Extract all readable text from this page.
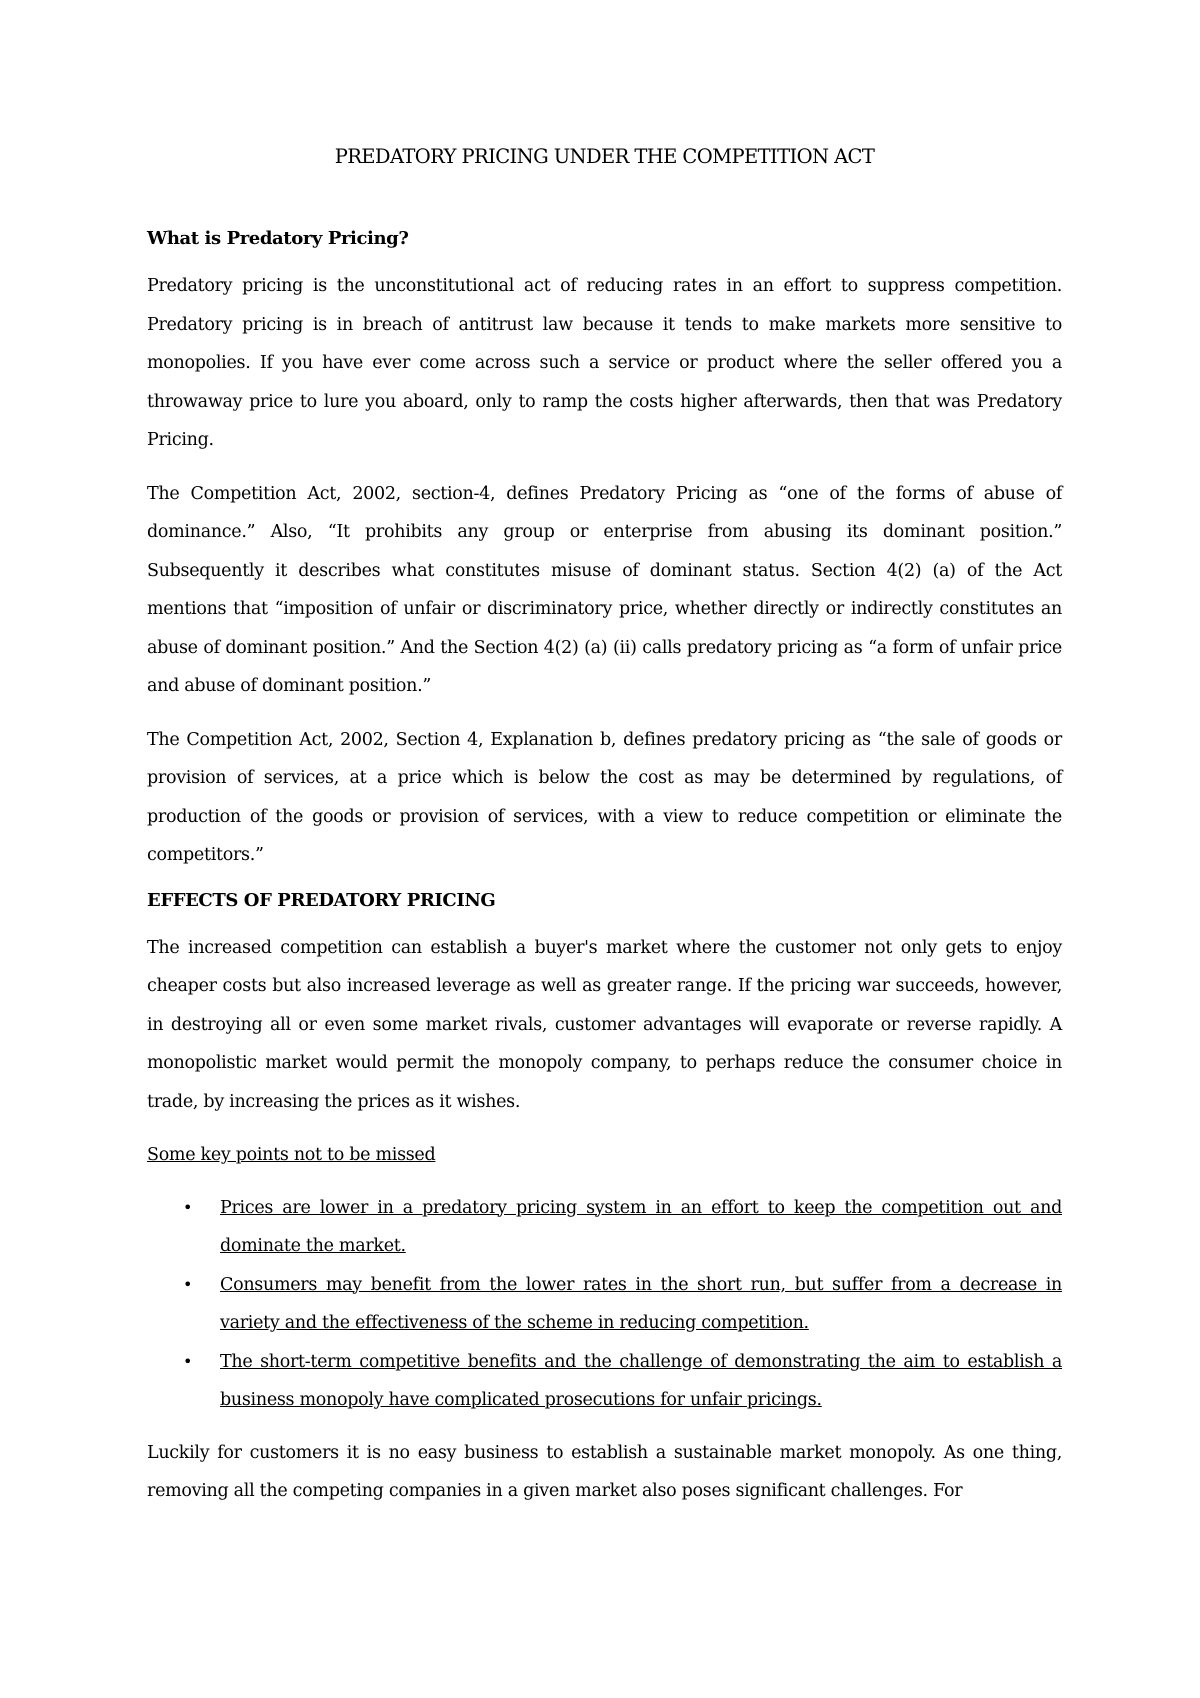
PREDATORY PRICING UNDER THE COMPETITION ACT
What is Predatory Pricing?

Predatory pricing is the unconstitutional act of reducing rates in an effort to suppress competition. Predatory pricing is in breach of antitrust law because it tends to make markets more sensitive to monopolies. If you have ever come across such a service or product where the seller offered you a throwaway price to lure you aboard, only to ramp the costs higher afterwards, then that was Predatory Pricing.

The Competition Act, 2002, section-4, defines Predatory Pricing as “one of the forms of abuse of dominance.” Also, “It prohibits any group or enterprise from abusing its dominant position.” Subsequently it describes what constitutes misuse of dominant status. Section 4(2) (a) of the Act mentions that “imposition of unfair or discriminatory price, whether directly or indirectly constitutes an abuse of dominant position.” And the Section 4(2) (a) (ii) calls predatory pricing as “a form of unfair price and abuse of dominant position.”

The Competition Act, 2002, Section 4, Explanation b, defines predatory pricing as “the sale of goods or provision of services, at a price which is below the cost as may be determined by regulations, of production of the goods or provision of services, with a view to reduce competition or eliminate the competitors.”

EFFECTS OF PREDATORY PRICING

The increased competition can establish a buyer's market where the customer not only gets to enjoy cheaper costs but also increased leverage as well as greater range. If the pricing war succeeds, however, in destroying all or even some market rivals, customer advantages will evaporate or reverse rapidly. A monopolistic market would permit the monopoly company, to perhaps reduce the consumer choice in trade, by increasing the prices as it wishes.

Some key points not to be missed

• Prices are lower in a predatory pricing system in an effort to keep the competition out and dominate the market.
• Consumers may benefit from the lower rates in the short run, but suffer from a decrease in variety and the effectiveness of the scheme in reducing competition.
• The short-term competitive benefits and the challenge of demonstrating the aim to establish a business monopoly have complicated prosecutions for unfair pricings.

Luckily for customers it is no easy business to establish a sustainable market monopoly. As one thing, removing all the competing companies in a given market also poses significant challenges. For
